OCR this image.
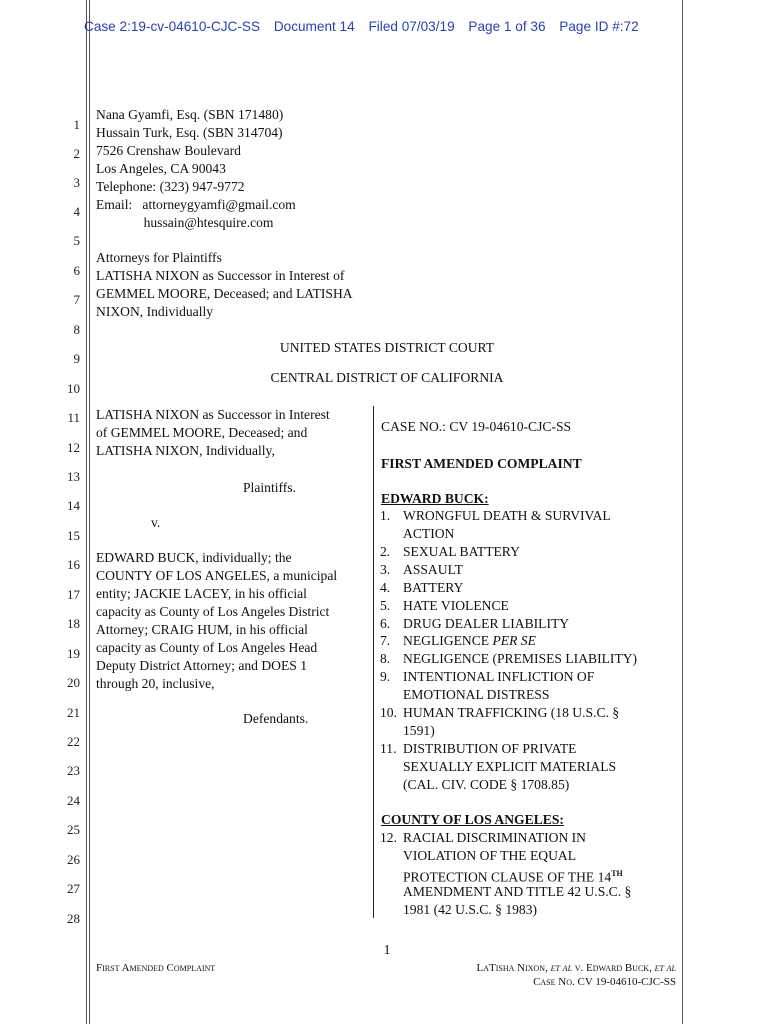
Case 2:19-cv-04610-CJC-SS Document 14 Filed 07/03/19 Page 1 of 36 Page ID #:72
1
2
3
4
5
6
7
8
9
10
11
12
13
14
15
16
17
18
19
20
21
22
23
24
25
26
27
28
Nana Gyamfi, Esq. (SBN 171480)
Hussain Turk, Esq. (SBN 314704)
7526 Crenshaw Boulevard
Los Angeles, CA 90043
Telephone: (323) 947-9772
Email:   attorneygyamfi@gmail.com
hussain@htesquire.com
Attorneys for Plaintiffs
LATISHA NIXON as Successor in Interest of
GEMMEL MOORE, Deceased; and LATISHA
NIXON, Individually
UNITED STATES DISTRICT COURT
CENTRAL DISTRICT OF CALIFORNIA
LATISHA NIXON as Successor in Interest
of GEMMEL MOORE, Deceased; and
LATISHA NIXON, Individually,
Plaintiffs.
v.
EDWARD BUCK, individually; the
COUNTY OF LOS ANGELES, a municipal
entity; JACKIE LACEY, in his official
capacity as County of Los Angeles District
Attorney; CRAIG HUM, in his official
capacity as County of Los Angeles Head
Deputy District Attorney; and DOES 1
through 20, inclusive,
Defendants.
CASE NO.: CV 19-04610-CJC-SS
FIRST AMENDED COMPLAINT
EDWARD BUCK:
1. WRONGFUL DEATH & SURVIVAL
ACTION
2. SEXUAL BATTERY
3. ASSAULT
4. BATTERY
5. HATE VIOLENCE
6. DRUG DEALER LIABILITY
7. NEGLIGENCE PER SE
8. NEGLIGENCE (PREMISES LIABILITY)
9. INTENTIONAL INFLICTION OF
EMOTIONAL DISTRESS
10. HUMAN TRAFFICKING (18 U.S.C. §
1591)
11. DISTRIBUTION OF PRIVATE
SEXUALLY EXPLICIT MATERIALS
(CAL. CIV. CODE § 1708.85)
COUNTY OF LOS ANGELES:
12. RACIAL DISCRIMINATION IN
VIOLATION OF THE EQUAL
PROTECTION CLAUSE OF THE 14TH
AMENDMENT AND TITLE 42 U.S.C. §
1981 (42 U.S.C. § 1983)
1
First Amended Complaint	LaTisha Nixon, et al v. Edward Buck, et al
Case No. CV 19-04610-CJC-SS
